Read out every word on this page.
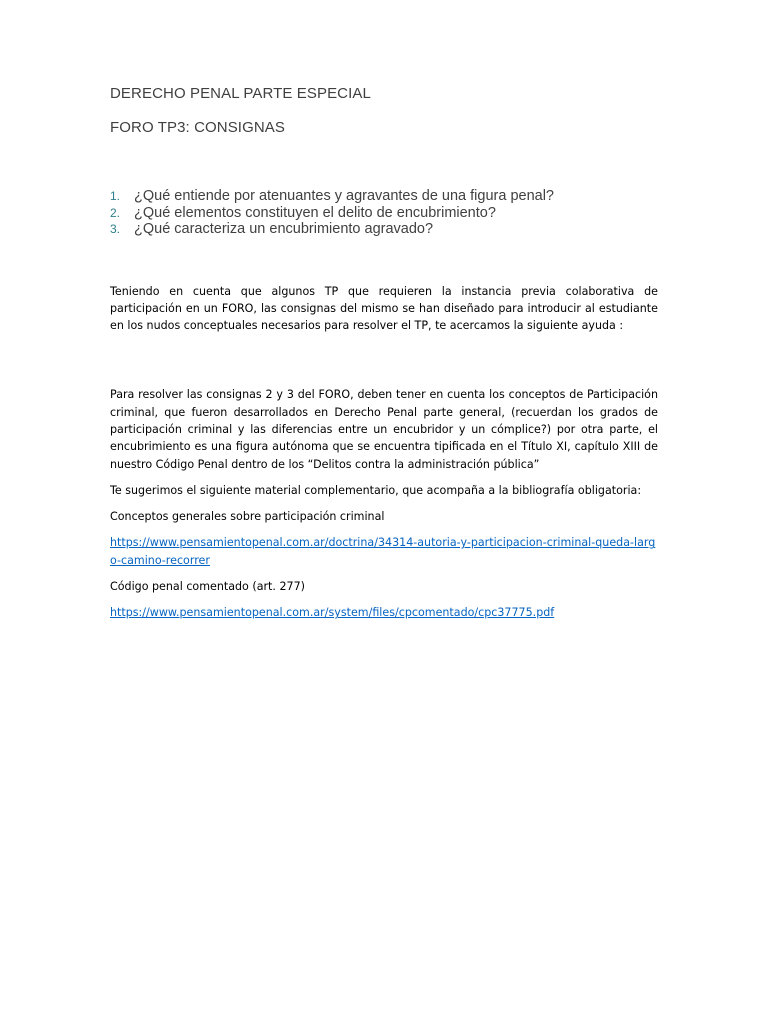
DERECHO PENAL PARTE ESPECIAL

FORO TP3: CONSIGNAS

1. ¿Qué entiende por atenuantes y agravantes de una figura penal?
2. ¿Qué elementos constituyen el delito de encubrimiento?
3. ¿Qué caracteriza un encubrimiento agravado?

Teniendo en cuenta que algunos TP que requieren la instancia previa colaborativa de participación en un FORO, las consignas del mismo se han diseñado para introducir al estudiante en los nudos conceptuales necesarios para resolver el TP, te acercamos la siguiente ayuda :

Para resolver las consignas 2 y 3 del FORO, deben tener en cuenta los conceptos de Participación criminal, que fueron desarrollados en Derecho Penal parte general, (recuerdan los grados de participación criminal y las diferencias entre un encubridor y un cómplice?) por otra parte, el encubrimiento es una figura autónoma que se encuentra tipificada en el Título XI, capítulo XIII de nuestro Código Penal dentro de los “Delitos contra la administración pública”

Te sugerimos el siguiente material complementario, que acompaña a la bibliografía obligatoria:

Conceptos generales sobre participación criminal

https://www.pensamientopenal.com.ar/doctrina/34314-autoria-y-participacion-criminal-queda-largo-camino-recorrer

Código penal comentado (art. 277)

https://www.pensamientopenal.com.ar/system/files/cpcomentado/cpc37775.pdf
